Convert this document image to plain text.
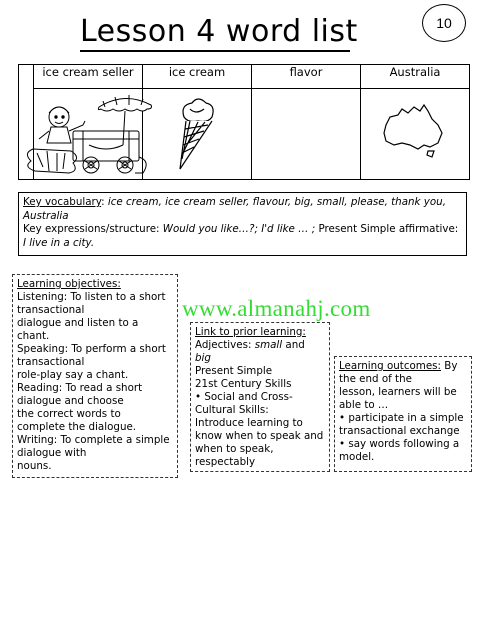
10
Lesson 4 word list
	ice cream seller	ice cream	flavor	Australia

Key vocabulary: ice cream, ice cream seller, flavour, big, small, please, thank you, Australia
Key expressions/structure: Would you like…?; I'd like … ; Present Simple affirmative: I live in a city.
Learning objectives:
Listening: To listen to a short
transactional
dialogue and listen to a chant.
Speaking: To perform a short
transactional
role-play say a chant.
Reading: To read a short
dialogue and choose
the correct words to
complete the dialogue.
Writing: To complete a simple
dialogue with
nouns.
Link to prior learning:
Adjectives: small and
big
Present Simple
21st Century Skills
• Social and Cross-
Cultural Skills:
Introduce learning to
know when to speak and
when to speak,
respectably
Learning outcomes: By
the end of the
lesson, learners will be
able to …
• participate in a simple
transactional exchange
• say words following a
model.
www.almanahj.com
